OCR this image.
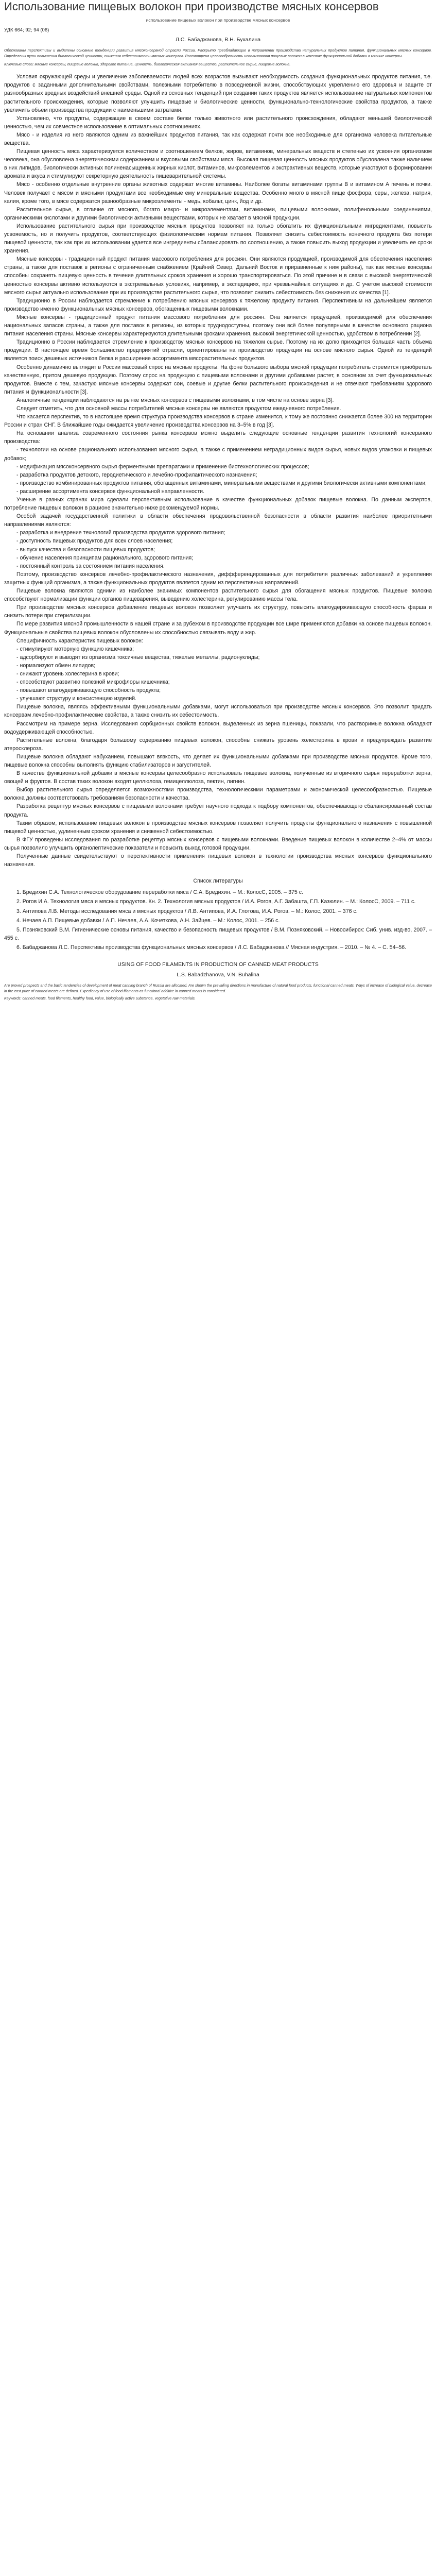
Использование пищевых волокон при производстве мясных консервов
использование пищевых волокон при производстве мясных консервов
УДК 664; 92; 94 (06)
Л.С. Бабаджанова, В.Н. Бухалина
Обоснованы перспективы и выделены основные тенденции развития мясоконсервной отрасли России. Раскрыто преобладающие в направлении производства натуральных продуктов питания, функциональных мясных консервов. Определены пути повышения биологической ценности, снижения себестоимости мясных консервов. Рассмотрена целесообразность использования пищевых волокон в качестве функциональной добавки в мясные консервы.
Ключевые слова: мясные консервы, пищевые волокна, здоровое питание, ценность, биологическая активная вещество, растительное сырье, пищевые волокна.

Условия окружающей среды и увеличение заболеваемости людей всех возрастов вызывают необходимость создания функциональных продуктов питания, т.е. продуктов с заданными дополнительными свойствами, полезными потребителю в повседневной жизни, способствующих укреплению его здоровья и защите от разнообразных вредных воздействий внешней среды. Одной из основных тенденций при создании таких продуктов является использование натуральных компонентов растительного происхождения, которые позволяют улучшить пищевые и биологические ценности, функционально-технологические свойства продуктов, а также увеличить объем производства продукции с наименьшими затратами.

Установлено, что продукты, содержащие в своем составе белки только животного или растительного происхождения, обладают меньшей биологической ценностью, чем их совместное использование в оптимальных соотношениях.

Мясо - и изделия из него являются одним из важнейших продуктов питания, так как содержат почти все необходимые для организма человека питательные вещества.

Пищевая ценность мяса характеризуется количеством и соотношением белков, жиров, витаминов, минеральных веществ и степенью их усвоения организмом человека, она обусловлена энергетическими содержанием и вкусовыми свойствами мяса. Высокая пищевая ценность мясных продуктов обусловлена также наличием в них липидов, биологически активных полиненасыщенных жирных кислот, витаминов, микроэлементов и экстрактивных веществ, которые участвуют в формировании аромата и вкуса и стимулируют секреторную деятельность пищеварительной системы.

Мясо - особенно отдельные внутренние органы животных содержат многие витамины. Наиболее богаты витаминами группы В и витамином А печень и почки. Человек получает с мясом и мясными продуктами все необходимые ему минеральные вещества. Особенно много в мясной пище фосфора, серы, железа, натрия, калия, кроме того, в мясе содержатся разнообразные микроэлементы - медь, кобальт, цинк, йод и др.

Растительное сырье, в отличие от мясного, богато макро- и микроэлементами, витаминами, пищевыми волокнами, полифенольными соединениями, органическими кислотами и другими биологически активными веществами, которых не хватает в мясной продукции.

Использование растительного сырья при производстве мясных продуктов позволяет на только обогатить их функциональными ингредиентами, повысить усвояемость, но и получить продуктов, соответствующих физиологическим нормам питания. Позволяет снизить себестоимость конечного продукта без потери пищевой ценности, так как при их использовании удается все ингредиенты сбалансировать по соотношению, а также повысить выход продукции и увеличить ее сроки хранения.

Мясные консервы - традиционный продукт питания массового потребления для россиян. Они являются продукцией, производимой для обеспечения населения страны, а также для поставок в регионы с ограниченным снабжением (Крайний Север, Дальний Восток и приравненные к ним районы), так как мясные консервы способны сохранять пищевую ценность в течение длительных сроков хранения и хорошо транспортироваться. По этой причине и в связи с высокой энергетической ценностью консервы активно используются в экстремальных условиях, например, в экспедициях, при чрезвычайных ситуациях и др. С учетом высокой стоимости мясного сырья актуально использование при их производстве растительного сырья, что позволит снизить себестоимость без снижения их качества [1].

Традиционно в России наблюдается стремление к потреблению мясных консервов к тяжелому продукту питания. Перспективным на дальнейшем является производство именно функциональных мясных консервов, обогащенных пищевыми волокнами.

Мясные консервы - традиционный продукт питания массового потребления для россиян. Она является продукцией, производимой для обеспечения национальных запасов страны, а также для поставок в регионы, из которых труднодоступны, поэтому они всё более популярными в качестве основного рациона питания населения страны. Мясные консервы характеризуются длительными сроками хранения, высокой энергетической ценностью, удобством в потреблении [2].

Традиционно в России наблюдается стремление к производству мясных консервов на тяжелом сырье. Поэтому на их долю приходится большая часть объема продукции. В настоящее время большинство предприятий отрасли, ориентированы на производство продукции на основе мясного сырья. Одной из тенденций является поиск дешевых источников белка и расширение ассортимента мясорастительных продуктов.

Особенно динамично выглядит в России массовый спрос на мясные продукты. На фоне большого выбора мясной продукции потребитель стремится приобретать качественную, притом дешевую продукцию. Поэтому спрос на продукцию с пищевыми волокнами и другими добавками растет, в основном за счет функциональных продуктов. Вместе с тем, зачастую мясные консервы содержат сои, соевые и другие белки растительного происхождения и не отвечают требованиям здорового питания и функциональности [3].

Аналогичные тенденции наблюдаются на рынке мясных консервов с пищевыми волокнами, в том числе на основе зерна [3].

Следует отметить, что для основной массы потребителей мясные консервы не являются продуктом ежедневного потребления.

Что касается перспектив, то в настоящее время структура производства консервов в стране изменится, к тому же постоянно снижается более 300 на территории России и стран СНГ. В ближайшие годы ожидается увеличение производства консервов на 3–5% в год [3].

На основании анализа современного состояния рынка консервов можно выделить следующие основные тенденции развития технологий консервного производства:

- технологии на основе рационального использования мясного сырья, а также с применением нетрадиционных видов сырья, новых видов упаковки и пищевых добавок;

- модификация мясоконсервного сырья ферментными препаратами и применение биотехнологических процессов;

- разработка продуктов детского, геродиетического и лечебно-профилактического назначения;

- производство комбинированных продуктов питания, обогащенных витаминами, минеральными веществами и другими биологически активными компонентами;

- расширение ассортимента консервов функциональной направленности.

Ученые в разных странах мира сделали перспективным использование в качестве функциональных добавок пищевые волокна. По данным экспертов, потребление пищевых волокон в рационе значительно ниже рекомендуемой нормы.

Особой задачей государственной политики в области обеспечения продовольственной безопасности в области развития наиболее приоритетными направлениями являются:

- разработка и внедрение технологий производства продуктов здорового питания;

- доступность пищевых продуктов для всех слоев населения;

- выпуск качества и безопасности пищевых продуктов;

- обучение населения принципам рационального, здорового питания;

- постоянный контроль за состоянием питания населения.

Поэтому, производство консервов лечебно-профилактического назначения, диффференцированных для потребителя различных заболеваний и укрепления защитных функций организма, а также функциональных продуктов является одним из перспективных направлений.

Пищевые волокна являются одними из наиболее значимых компонентов растительного сырья для обогащения мясных продуктов. Пищевые волокна способствуют нормализации функции органов пищеварения, выведению холестерина, регулированию массы тела.

При производстве мясных консервов добавление пищевых волокон позволяет улучшить их структуру, повысить влагоудерживающую способность фарша и снизить потери при стерилизации.

По мере развития мясной промышленности в нашей стране и за рубежом в производстве продукции все шире применяются добавки на основе пищевых волокон. Функциональные свойства пищевых волокон обусловлены их способностью связывать воду и жир.

Специфичность характеристик пищевых волокон:

- стимулируют моторную функцию кишечника;

- адсорбируют и выводят из организма токсичные вещества, тяжелые металлы, радионуклиды;

- нормализуют обмен липидов;

- снижают уровень холестерина в крови;

- способствуют развитию полезной микрофлоры кишечника;

- повышают влагоудерживающую способность продукта;

- улучшают структуру и консистенцию изделий.

Пищевые волокна, являясь эффективными функциональными добавками, могут использоваться при производстве мясных консервов. Это позволит придать консервам лечебно-профилактические свойства, а также снизить их себестоимость.

Рассмотрим на примере зерна. Исследования сорбционных свойств волокон, выделенных из зерна пшеницы, показали, что растворимые волокна обладают водоудерживающей способностью.

Растительные волокна, благодаря большому содержанию пищевых волокон, способны снижать уровень холестерина в крови и предупреждать развитие атеросклероза.

Пищевые волокна обладают набуханием, повышают вязкость, что делает их функциональными добавками при производстве мясных продуктов. Кроме того, пищевые волокна способны выполнять функцию стабилизаторов и загустителей.

В качестве функциональной добавки в мясные консервы целесообразно использовать пищевые волокна, полученные из вторичного сырья переработки зерна, овощей и фруктов. В состав таких волокон входят целлюлоза, гемицеллюлоза, пектин, лигнин.

Выбор растительного сырья определяется возможностями производства, технологическими параметрами и экономической целесообразностью. Пищевые волокна должны соответствовать требованиям безопасности и качества.

Разработка рецептур мясных консервов с пищевыми волокнами требует научного подхода к подбору компонентов, обеспечивающего сбалансированный состав продукта.

Таким образом, использование пищевых волокон в производстве мясных консервов позволяет получить продукты функционального назначения с повышенной пищевой ценностью, удлиненным сроком хранения и сниженной себестоимостью.

В ФГУ проведены исследования по разработке рецептур мясных консервов с пищевыми волокнами. Введение пищевых волокон в количестве 2–4% от массы сырья позволило улучшить органолептические показатели и повысить выход готовой продукции.

Полученные данные свидетельствуют о перспективности применения пищевых волокон в технологии производства мясных консервов функционального назначения.

Список литературы

1. Бредихин С.А. Технологическое оборудование переработки мяса / С.А. Бредихин. – М.: КолосС, 2005. – 375 с.

2. Рогов И.А. Технология мяса и мясных продуктов. Кн. 2. Технология мясных продуктов / И.А. Рогов, А.Г. Забашта, Г.П. Казюлин. – М.: КолосС, 2009. – 711 с.

3. Антипова Л.В. Методы исследования мяса и мясных продуктов / Л.В. Антипова, И.А. Глотова, И.А. Рогов. – М.: Колос, 2001. – 376 с.

4. Нечаев А.П. Пищевые добавки / А.П. Нечаев, А.А. Кочеткова, А.Н. Зайцев. – М.: Колос, 2001. – 256 с.

5. Позняковский В.М. Гигиенические основы питания, качество и безопасность пищевых продуктов / В.М. Позняковский. – Новосибирск: Сиб. унив. изд-во, 2007. – 455 с.

6. Бабаджанова Л.С. Перспективы производства функциональных мясных консервов / Л.С. Бабаджанова // Мясная индустрия. – 2010. – № 4. – С. 54–56.

USING OF FOOD FILAMENTS IN PRODUCTION OF CANNED MEAT PRODUCTS
L.S. Babadzhanova, V.N. Buhalina
Are proved prospects and the basic tendencies of development of meat canning branch of Russia are allocated. Are shown the prevailing directions in manufacture of natural food products, functional canned meats. Ways of increase of biological value, decrease in the cost price of canned meats are defined. Expediency of use of food filaments as functional additive in canned meats is considered.
Keywords: canned meats, food filaments, healthy food, value, biologically active substance, vegetative raw materials.
